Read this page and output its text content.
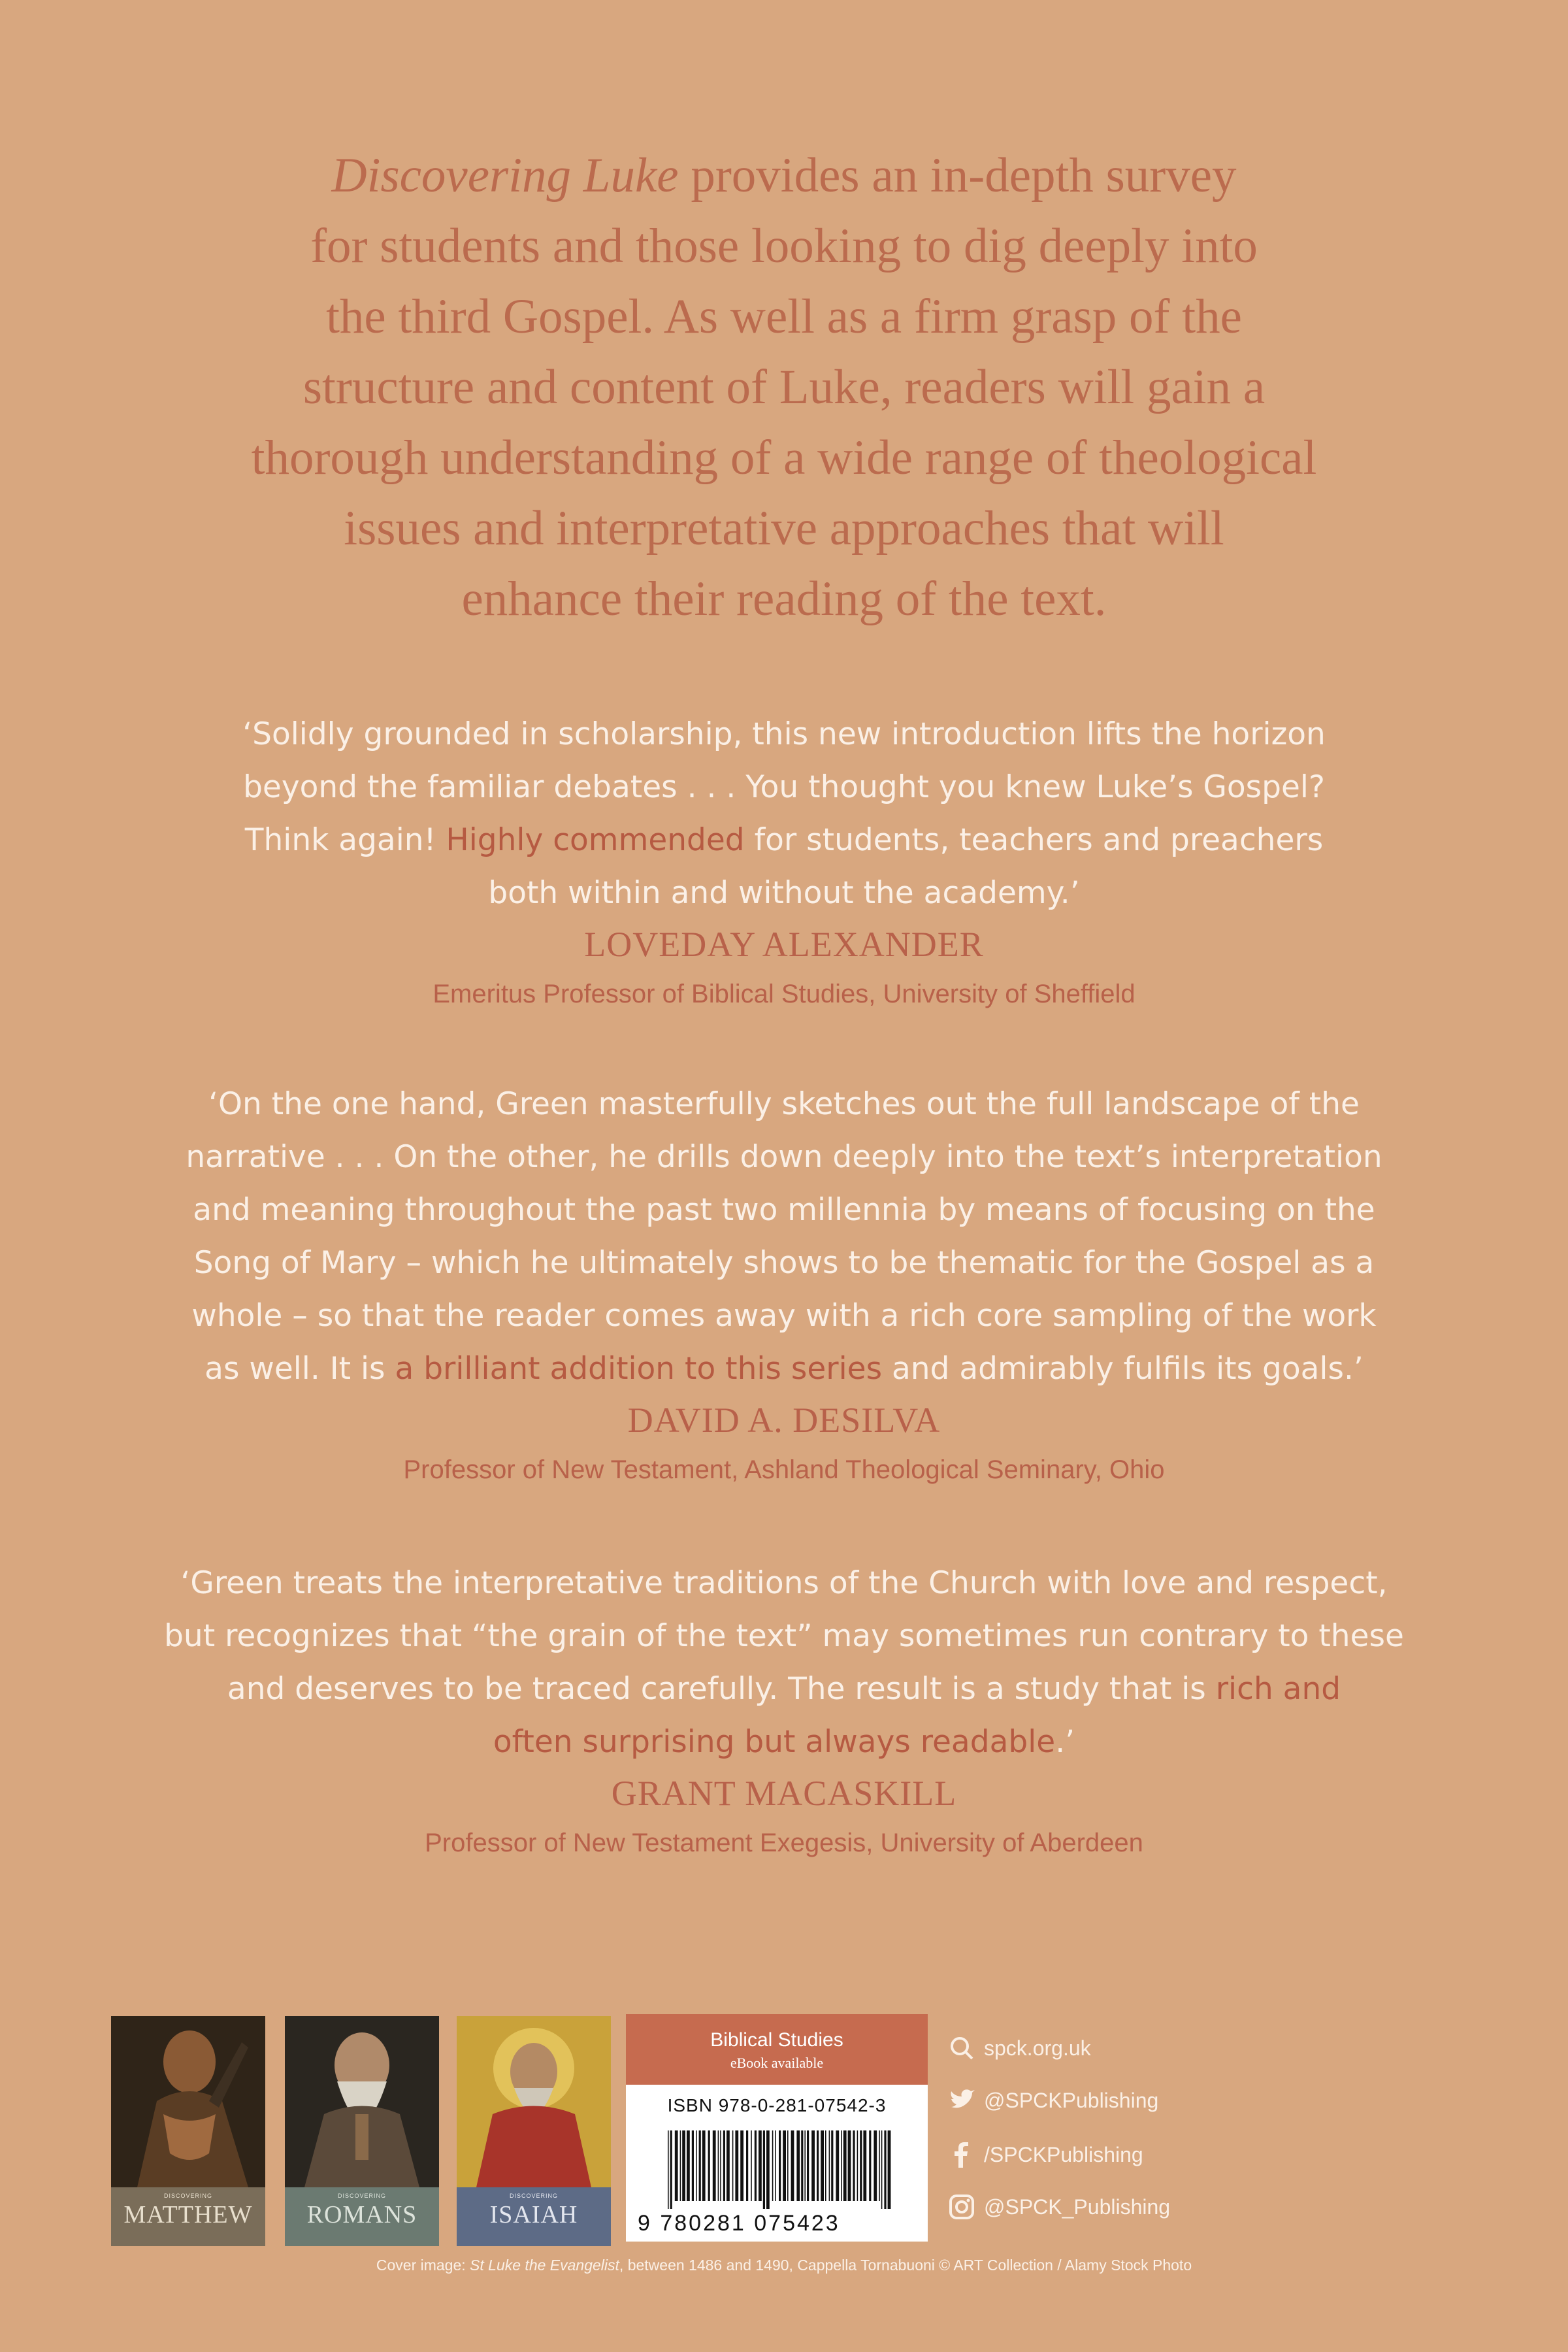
Discovering Luke provides an in-depth survey
for students and those looking to dig deeply into
the third Gospel. As well as a firm grasp of the
structure and content of Luke, readers will gain a
thorough understanding of a wide range of theological
issues and interpretative approaches that will
enhance their reading of the text.

‘Solidly grounded in scholarship, this new introduction lifts the horizon
beyond the familiar debates . . . You thought you knew Luke’s Gospel?
Think again! Highly commended for students, teachers and preachers
both within and without the academy.’

LOVEDAY ALEXANDER

Emeritus Professor of Biblical Studies, University of Sheffield

‘On the one hand, Green masterfully sketches out the full landscape of the
narrative . . . On the other, he drills down deeply into the text’s interpretation
and meaning throughout the past two millennia by means of focusing on the
Song of Mary – which he ultimately shows to be thematic for the Gospel as a
whole – so that the reader comes away with a rich core sampling of the work
as well. It is a brilliant addition to this series and admirably fulfils its goals.’

DAVID A. DESILVA

Professor of New Testament, Ashland Theological Seminary, Ohio

‘Green treats the interpretative traditions of the Church with love and respect,
but recognizes that “the grain of the text” may sometimes run contrary to these
and deserves to be traced carefully. The result is a study that is rich and
often surprising but always readable.’

GRANT MACASKILL

Professor of New Testament Exegesis, University of Aberdeen

DISCOVERING
MATTHEW
DISCOVERING
ROMANS
DISCOVERING
ISAIAH
Biblical Studies
eBook available
ISBN 978-0-281-07542-3
9 780281 075423
spck.org.uk
@SPCKPublishing
/SPCKPublishing
@SPCK_Publishing

Cover image: St Luke the Evangelist, between 1486 and 1490, Cappella Tornabuoni © ART Collection / Alamy Stock Photo
